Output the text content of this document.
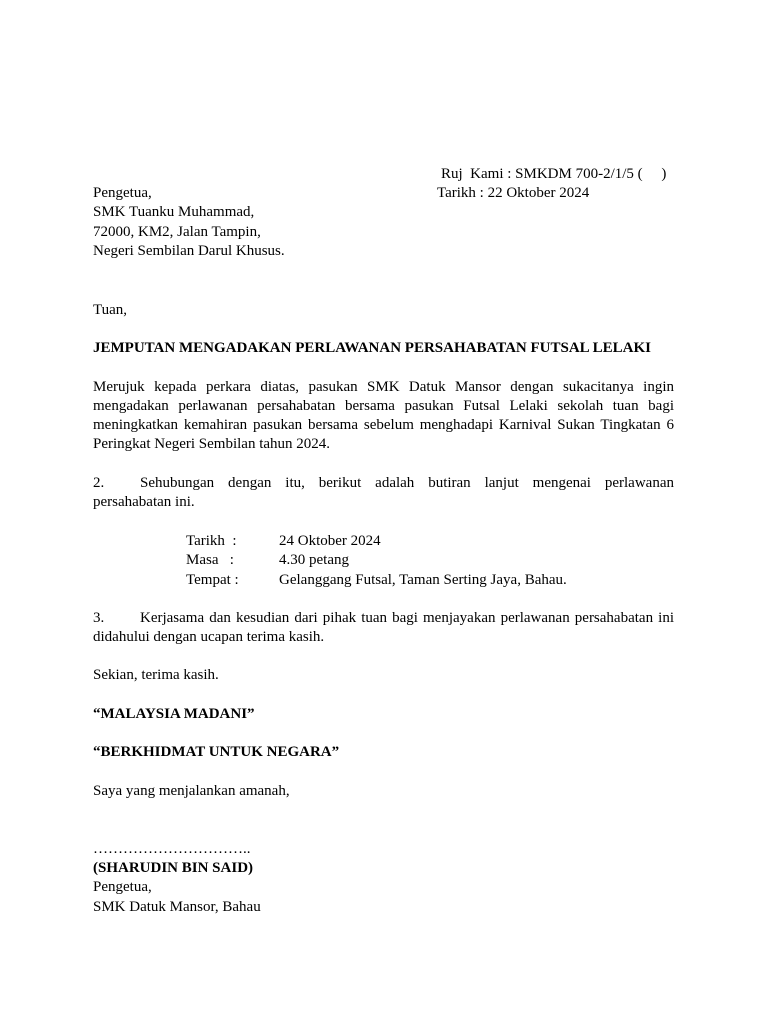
Ruj  Kami : SMKDM 700-2/1/5 (     )
Tarikh : 22 Oktober 2024
Pengetua,
SMK Tuanku Muhammad,
72000, KM2, Jalan Tampin,
Negeri Sembilan Darul Khusus.
Tuan,
JEMPUTAN MENGADAKAN PERLAWANAN PERSAHABATAN FUTSAL LELAKI
Merujuk kepada perkara diatas, pasukan SMK Datuk Mansor dengan sukacitanya ingin mengadakan perlawanan persahabatan bersama pasukan Futsal Lelaki sekolah tuan bagi meningkatkan kemahiran pasukan bersama sebelum menghadapi Karnival Sukan Tingkatan 6 Peringkat Negeri Sembilan tahun 2024.
2. Sehubungan dengan itu, berikut adalah butiran lanjut mengenai perlawanan persahabatan ini.
Tarikh  :	24 Oktober 2024
Masa   :	4.30 petang
Tempat :	Gelanggang Futsal, Taman Serting Jaya, Bahau.
3. Kerjasama dan kesudian dari pihak tuan bagi menjayakan perlawanan persahabatan ini didahului dengan ucapan terima kasih.
Sekian, terima kasih.
“MALAYSIA MADANI”
“BERKHIDMAT UNTUK NEGARA”
Saya yang menjalankan amanah,
…………………………..
(SHARUDIN BIN SAID)
Pengetua,
SMK Datuk Mansor, Bahau
